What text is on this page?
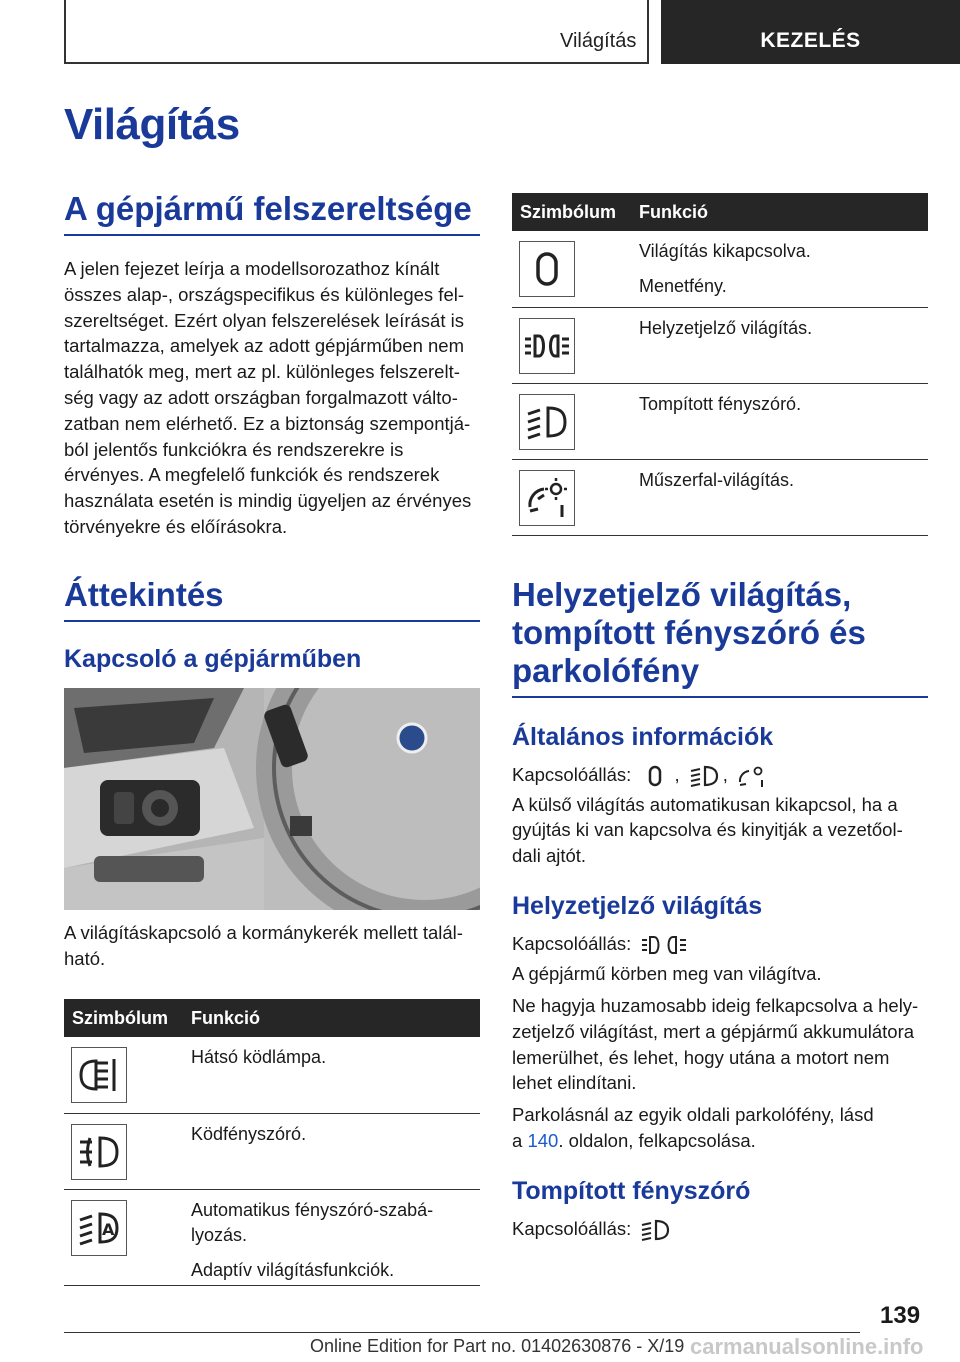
Világítás	KEZELÉS
Világítás
A gépjármű felszereltsége

A jelen fejezet leírja a modellsorozathoz kínált összes alap-, országspecifikus és különleges fel-szereltséget. Ezért olyan felszerelések leírását is tartalmazza, amelyek az adott gépjárműben nem találhatók meg, mert az pl. különleges felszerelt-ség vagy az adott országban forgalmazott válto-zatban nem elérhető. Ez a biztonság szempontjá-ból jelentős funkciókra és rendszerekre is érvényes. A megfelelő funkciók és rendszerek használata esetén is mindig ügyeljen az érvényes törvényekre és előírásokra.

Áttekintés
Kapcsoló a gépjárműben

A világításkapcsoló a kormánykerék mellett talál-ható.

Szimbólum	Funkció

Hátsó ködlámpa.

Ködfényszóró.

A	Automatikus fényszóró-szabá-lyozás.

Adaptív világításfunkciók.

Szimbólum	Funkció

Világítás kikapcsolva.

Menetfény.

Helyzetjelző világítás.

Tompított fényszóró.

Műszerfal-világítás.

Helyzetjelző világítás, tompított fényszóró és parkolófény
Általános információk

Kapcsolóállás: , ,

A külső világítás automatikusan kikapcsol, ha a gyújtás ki van kapcsolva és kinyitják a vezetőol-dali ajtót.

Helyzetjelző világítás

Kapcsolóállás:

A gépjármű körben meg van világítva.

Ne hagyja huzamosabb ideig felkapcsolva a hely-zetjelző világítást, mert a gépjármű akkumulátora lemerülhet, és lehet, hogy utána a motort nem lehet elindítani.

Parkolásnál az egyik oldali parkolófény, lásd
a 140. oldalon, felkapcsolása.

Tompított fényszóró

Kapcsolóállás:

139
Online Edition for Part no. 01402630876 - X/19 carmanualsonline.info
